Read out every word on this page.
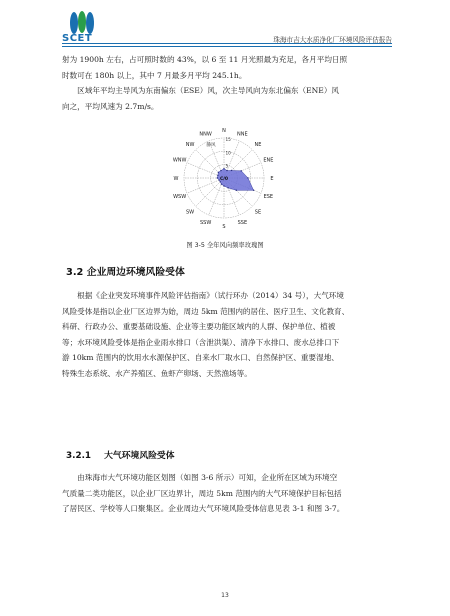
SCET	珠海市吉大水质净化厂环境风险评估报告

射为 1900h 左右，占可照时数的 43%，以 6 至 11 月光照最为充足，各月平均日照

时数可在 180h 以上，其中 7 月最多月平均 245.1h。

　　区域年平均主导风为东南偏东（ESE）风，次主导风向为东北偏东（ENE）风

向之，平均风速为 2.7m/s。

5
10
15
N
NNE
NE
ENE
E
ESE
SE
SSE
S
SSW
SW
WSW
W
WNW
NW
NNW
C/0
静风
图 3-5 全年风向频率玫瑰图
3.2 企业周边环境风险受体

　　根据《企业突发环境事件风险评估指南》（试行环办（2014）34 号），大气环境

风险受体是指以企业厂区边界为始，周边 5km 范围内的居住、医疗卫生、文化教育、

科研、行政办公、重要基础设施、企业等主要功能区域内的人群、保护单位、植被

等；水环境风险受体是指企业雨水排口（含泄洪渠）、清净下水排口、废水总排口下

游 10km 范围内的饮用水水源保护区、自来水厂取水口、自然保护区、重要湿地、

特殊生态系统、水产养殖区、鱼虾产卵场、天然渔场等。

3.2.1 大气环境风险受体

　　由珠海市大气环境功能区划图（如图 3-6 所示）可知，企业所在区域为环境空

气质量二类功能区，以企业厂区边界计，周边 5km 范围内的大气环境保护目标包括

了居民区、学校等人口聚集区。企业周边大气环境风险受体信息见表 3-1 和图 3-7。

13
